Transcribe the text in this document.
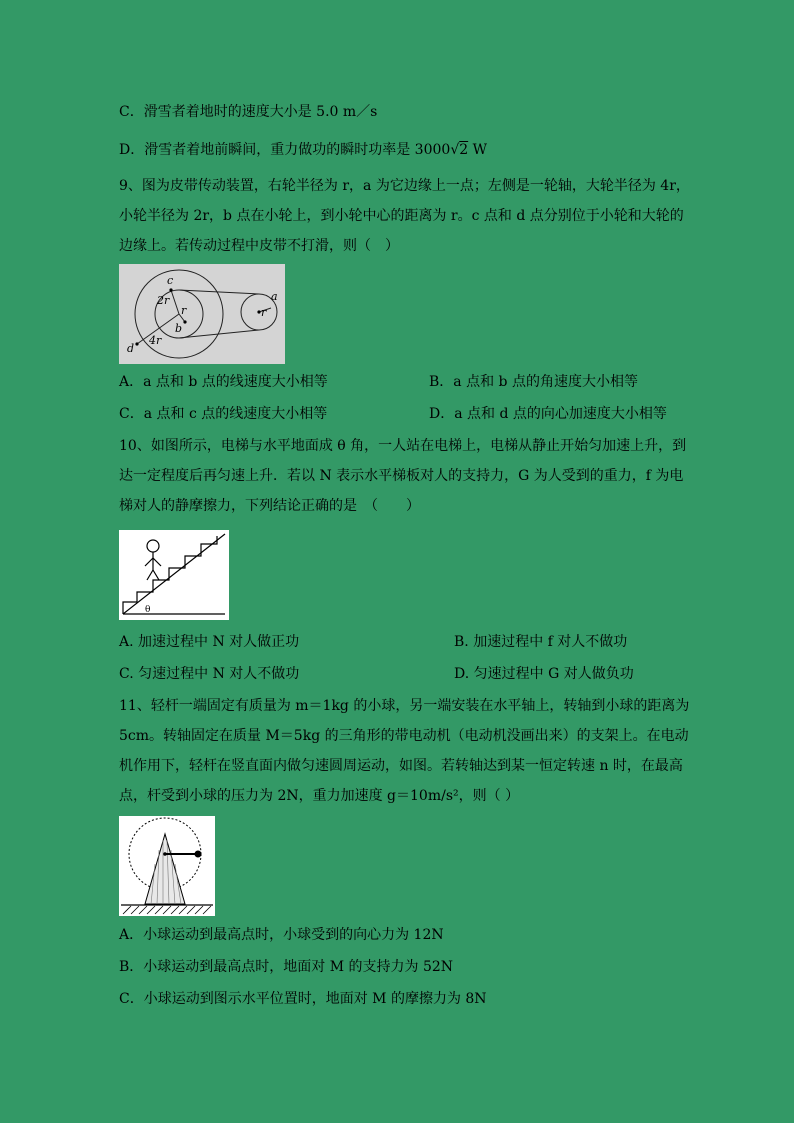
C．滑雪者着地时的速度大小是 5.0 m／s
D．滑雪者着地前瞬间，重力做功的瞬时功率是 3000√2 W
9、图为皮带传动装置，右轮半径为 r，a 为它边缘上一点；左侧是一轮轴，大轮半径为 4r，
小轮半径为 2r，b 点在小轮上，到小轮中心的距离为 r。c 点和 d 点分别位于小轮和大轮的
边缘上。若传动过程中皮带不打滑，则（　）
c
2r
r
b
d
4r
a
r
A．a 点和 b 点的线速度大小相等	B．a 点和 b 点的角速度大小相等
C．a 点和 c 点的线速度大小相等	D．a 点和 d 点的向心加速度大小相等
10、如图所示，电梯与水平地面成 θ 角，一人站在电梯上，电梯从静止开始匀加速上升，到
达一定程度后再匀速上升．若以 N 表示水平梯板对人的支持力，G 为人受到的重力，f 为电
梯对人的静摩擦力，下列结论正确的是　（　　）
θ
A. 加速过程中 N 对人做正功	B. 加速过程中 f 对人不做功
C. 匀速过程中 N 对人不做功	D. 匀速过程中 G 对人做负功
11、轻杆一端固定有质量为 m＝1kg 的小球，另一端安装在水平轴上，转轴到小球的距离为
5cm。转轴固定在质量 M＝5kg 的三角形的带电动机（电动机没画出来）的支架上。在电动
机作用下，轻杆在竖直面内做匀速圆周运动，如图。若转轴达到某一恒定转速 n 时，在最高
点，杆受到小球的压力为 2N，重力加速度 g＝10m/s²，则（ ）
A．小球运动到最高点时，小球受到的向心力为 12N
B．小球运动到最高点时，地面对 M 的支持力为 52N
C．小球运动到图示水平位置时，地面对 M 的摩擦力为 8N
